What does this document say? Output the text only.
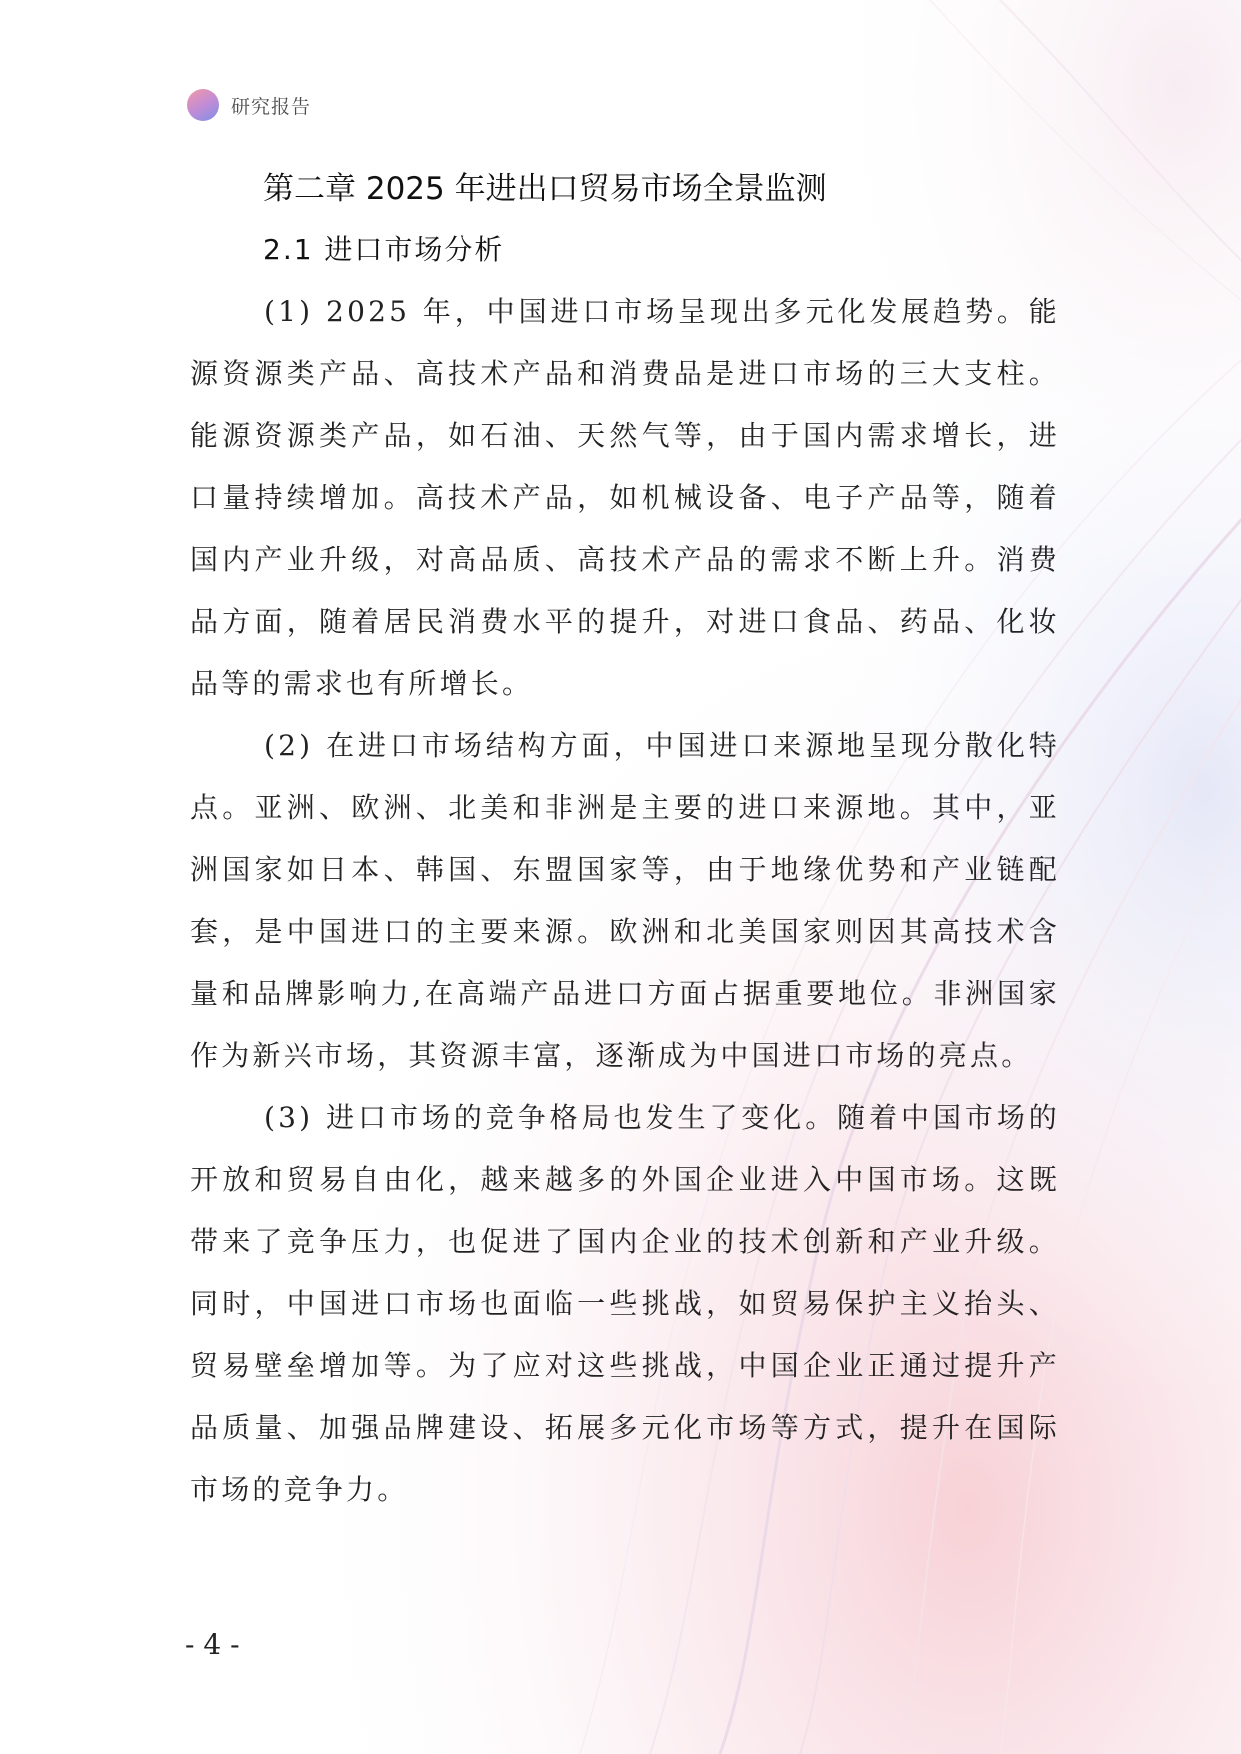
研究报告
第二章 2025 年进出口贸易市场全景监测
2.1 进口市场分析

(1) 2025 年，中国进口市场呈现出多元化发展趋势。能源资源类产品、高技术产品和消费品是进口市场的三大支柱。能源资源类产品，如石油、天然气等，由于国内需求增长，进口量持续增加。高技术产品，如机械设备、电子产品等，随着国内产业升级，对高品质、高技术产品的需求不断上升。消费品方面，随着居民消费水平的提升，对进口食品、药品、化妆品等的需求也有所增长。

(2) 在进口市场结构方面，中国进口来源地呈现分散化特点。亚洲、欧洲、北美和非洲是主要的进口来源地。其中，亚洲国家如日本、韩国、东盟国家等，由于地缘优势和产业链配套，是中国进口的主要来源。欧洲和北美国家则因其高技术含量和品牌影响力,在高端产品进口方面占据重要地位。非洲国家作为新兴市场，其资源丰富，逐渐成为中国进口市场的亮点。

(3) 进口市场的竞争格局也发生了变化。随着中国市场的开放和贸易自由化，越来越多的外国企业进入中国市场。这既带来了竞争压力，也促进了国内企业的技术创新和产业升级。同时，中国进口市场也面临一些挑战，如贸易保护主义抬头、贸易壁垒增加等。为了应对这些挑战，中国企业正通过提升产品质量、加强品牌建设、拓展多元化市场等方式，提升在国际市场的竞争力。

- 4 -
